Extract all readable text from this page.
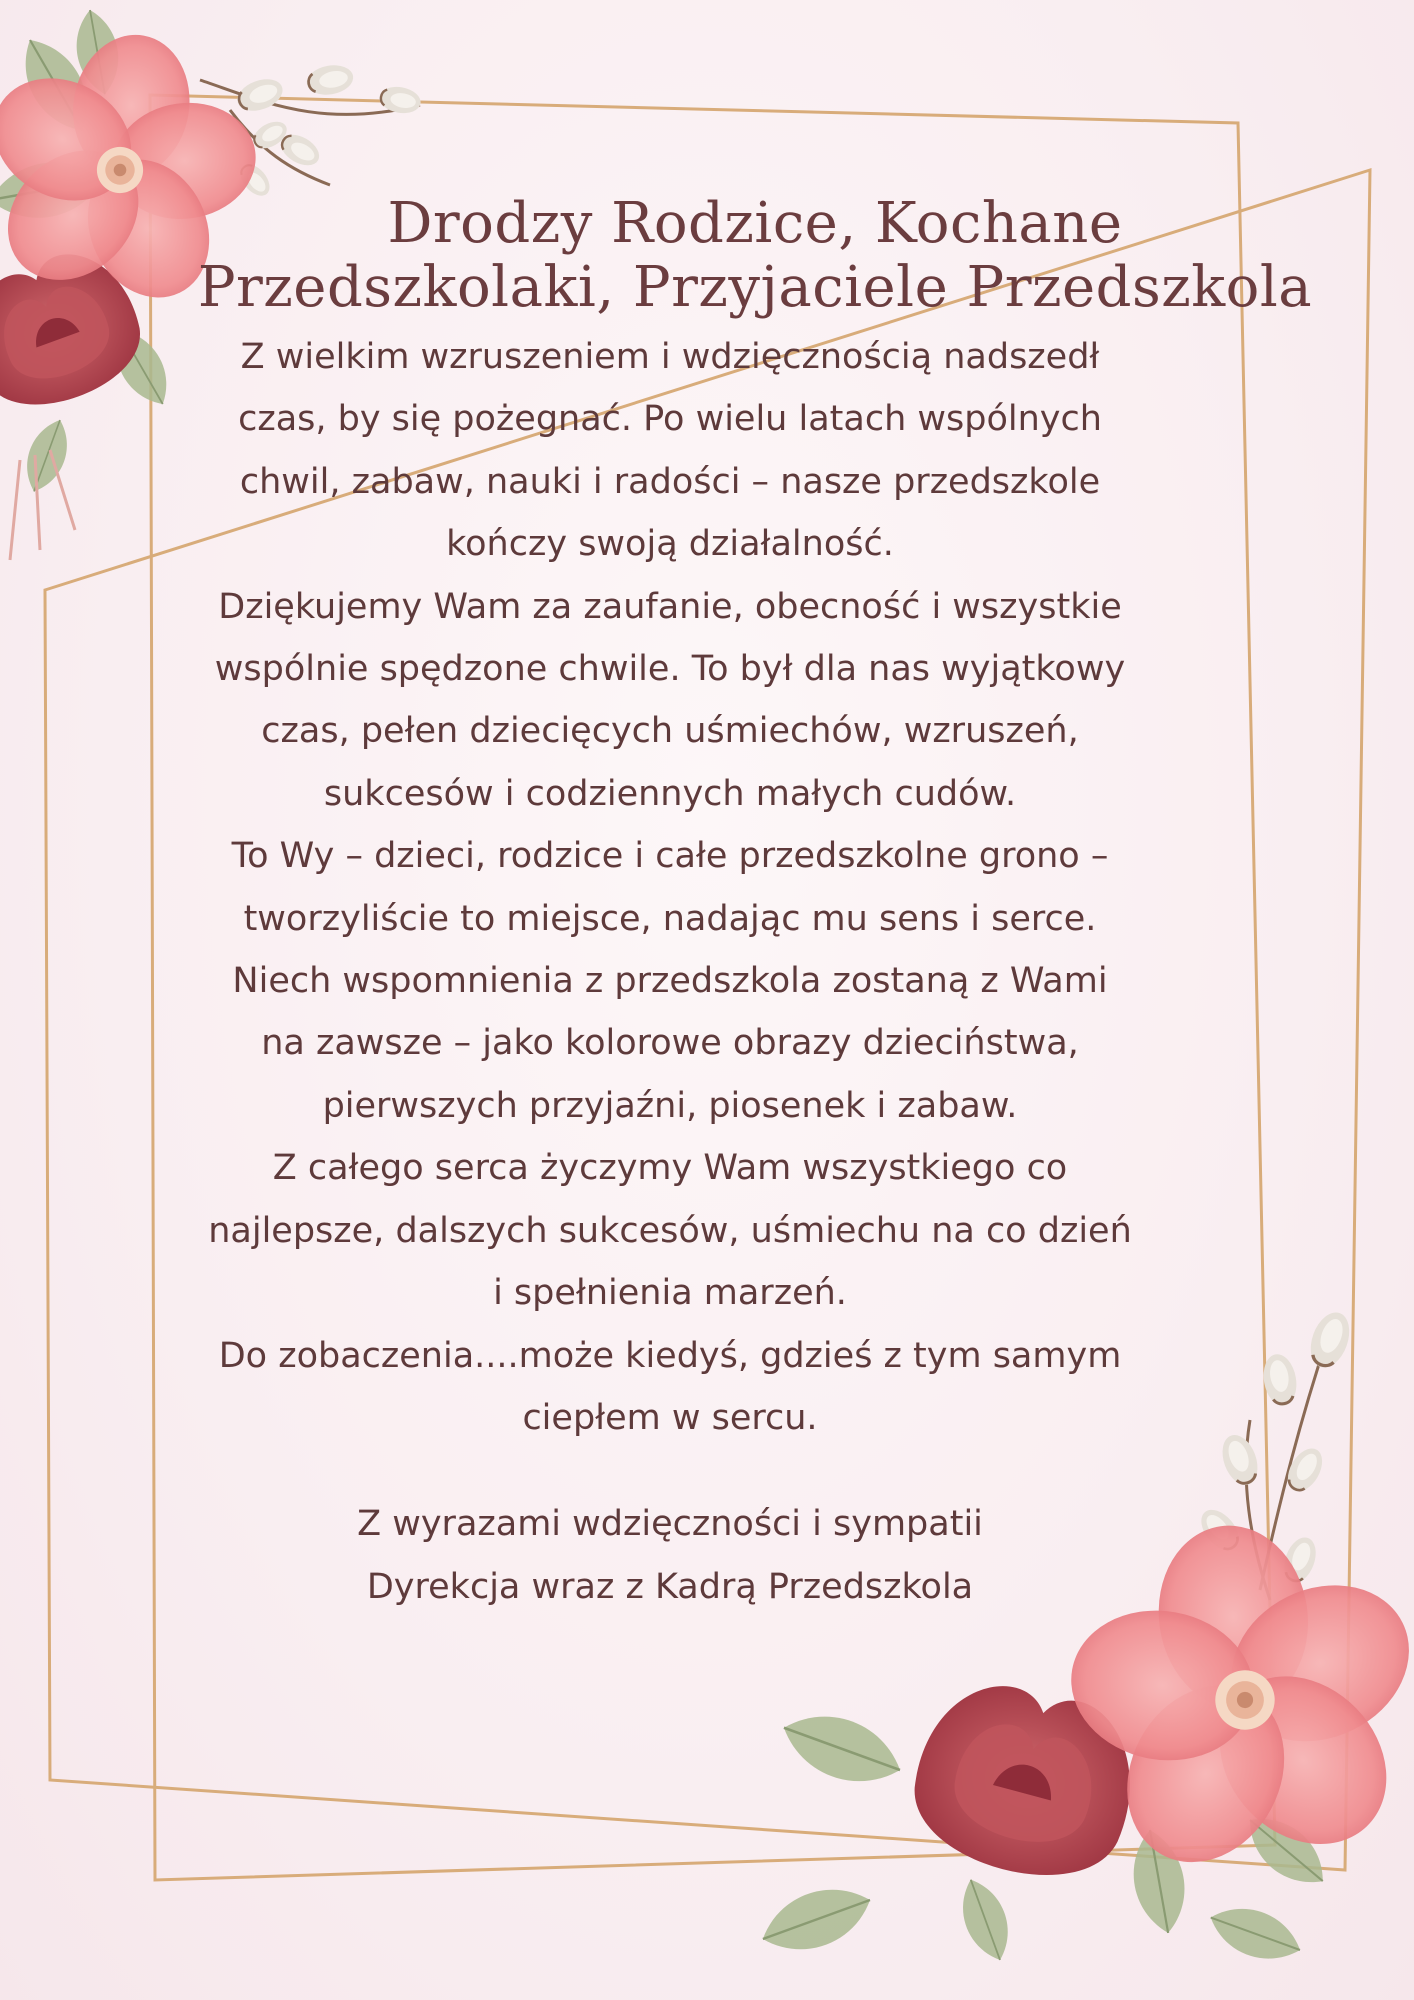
Drodzy Rodzice, Kochane
Przedszkolaki, Przyjaciele Przedszkola
Z wielkim wzruszeniem i wdzięcznością nadszedł
czas, by się pożegnać. Po wielu latach wspólnych
chwil, zabaw, nauki i radości – nasze przedszkole
kończy swoją działalność.
Dziękujemy Wam za zaufanie, obecność i wszystkie
wspólnie spędzone chwile. To był dla nas wyjątkowy
czas, pełen dziecięcych uśmiechów, wzruszeń,
sukcesów i codziennych małych cudów.
To Wy – dzieci, rodzice i całe przedszkolne grono –
tworzyliście to miejsce, nadając mu sens i serce.
Niech wspomnienia z przedszkola zostaną z Wami
na zawsze – jako kolorowe obrazy dzieciństwa,
pierwszych przyjaźni, piosenek i zabaw.
Z całego serca życzymy Wam wszystkiego co
najlepsze, dalszych sukcesów, uśmiechu na co dzień
i spełnienia marzeń.
Do zobaczenia....może kiedyś, gdzieś z tym samym
ciepłem w sercu.
Z wyrazami wdzięczności i sympatii
Dyrekcja wraz z Kadrą Przedszkola
